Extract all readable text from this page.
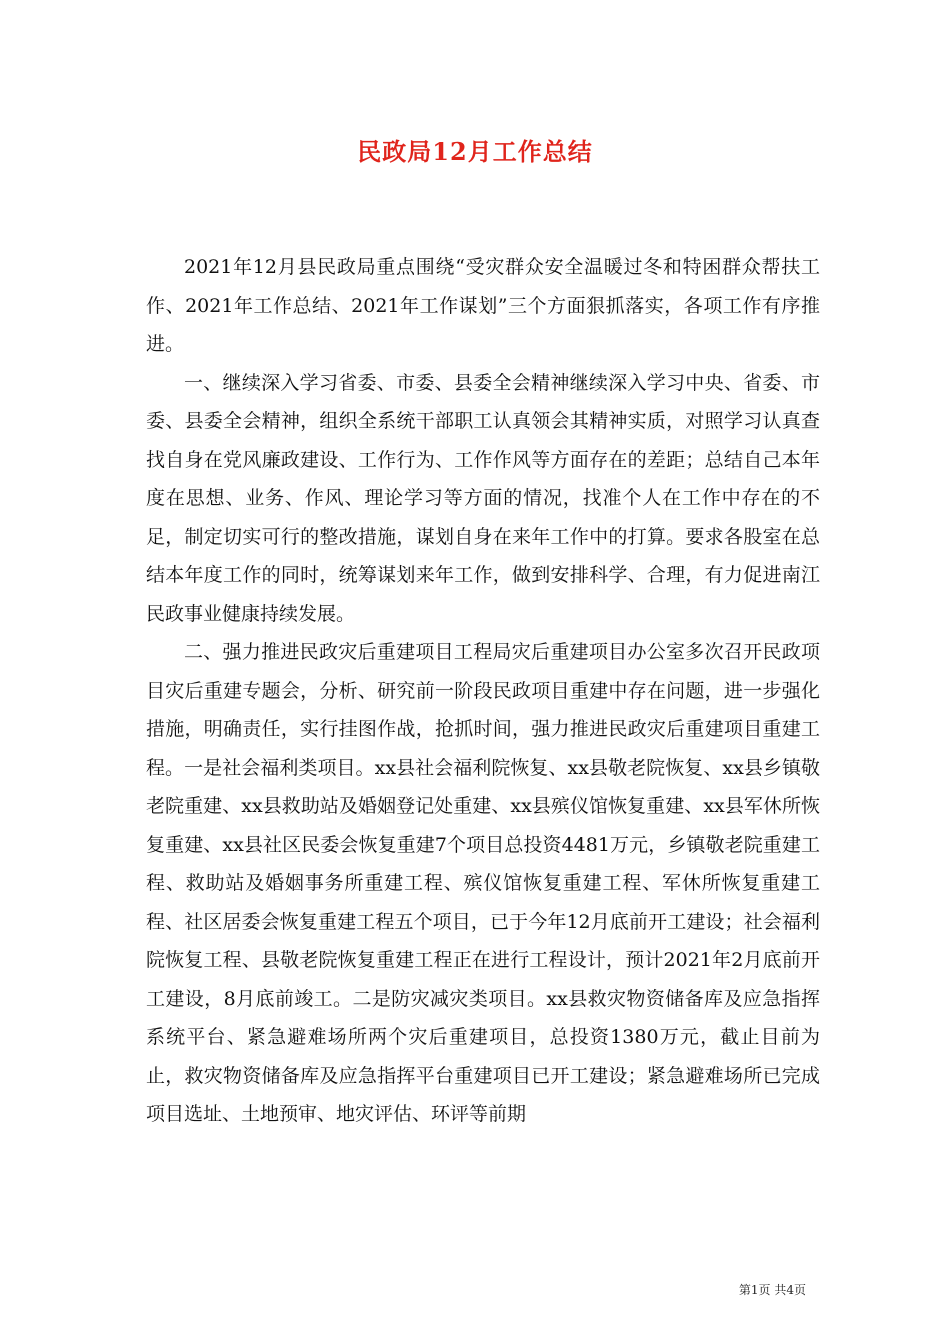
民政局12月工作总结

2021年12月县民政局重点围绕“受灾群众安全温暖过冬和特困群众帮扶工作、2021年工作总结、2021年工作谋划”三个方面狠抓落实，各项工作有序推进。

一、继续深入学习省委、市委、县委全会精神继续深入学习中央、省委、市委、县委全会精神，组织全系统干部职工认真领会其精神实质，对照学习认真查找自身在党风廉政建设、工作行为、工作作风等方面存在的差距；总结自己本年度在思想、业务、作风、理论学习等方面的情况，找准个人在工作中存在的不足，制定切实可行的整改措施，谋划自身在来年工作中的打算。要求各股室在总结本年度工作的同时，统筹谋划来年工作，做到安排科学、合理，有力促进南江民政事业健康持续发展。

二、强力推进民政灾后重建项目工程局灾后重建项目办公室多次召开民政项目灾后重建专题会，分析、研究前一阶段民政项目重建中存在问题，进一步强化措施，明确责任，实行挂图作战，抢抓时间，强力推进民政灾后重建项目重建工程。一是社会福利类项目。xx县社会福利院恢复、xx县敬老院恢复、xx县乡镇敬老院重建、xx县救助站及婚姻登记处重建、xx县殡仪馆恢复重建、xx县军休所恢复重建、xx县社区民委会恢复重建7个项目总投资4481万元，乡镇敬老院重建工程、救助站及婚姻事务所重建工程、殡仪馆恢复重建工程、军休所恢复重建工程、社区居委会恢复重建工程五个项目，已于今年12月底前开工建设；社会福利院恢复工程、县敬老院恢复重建工程正在进行工程设计，预计2021年2月底前开工建设，8月底前竣工。二是防灾减灾类项目。xx县救灾物资储备库及应急指挥系统平台、紧急避难场所两个灾后重建项目，总投资1380万元，截止目前为止，救灾物资储备库及应急指挥平台重建项目已开工建设；紧急避难场所已完成项目选址、土地预审、地灾评估、环评等前期

第1页 共4页
